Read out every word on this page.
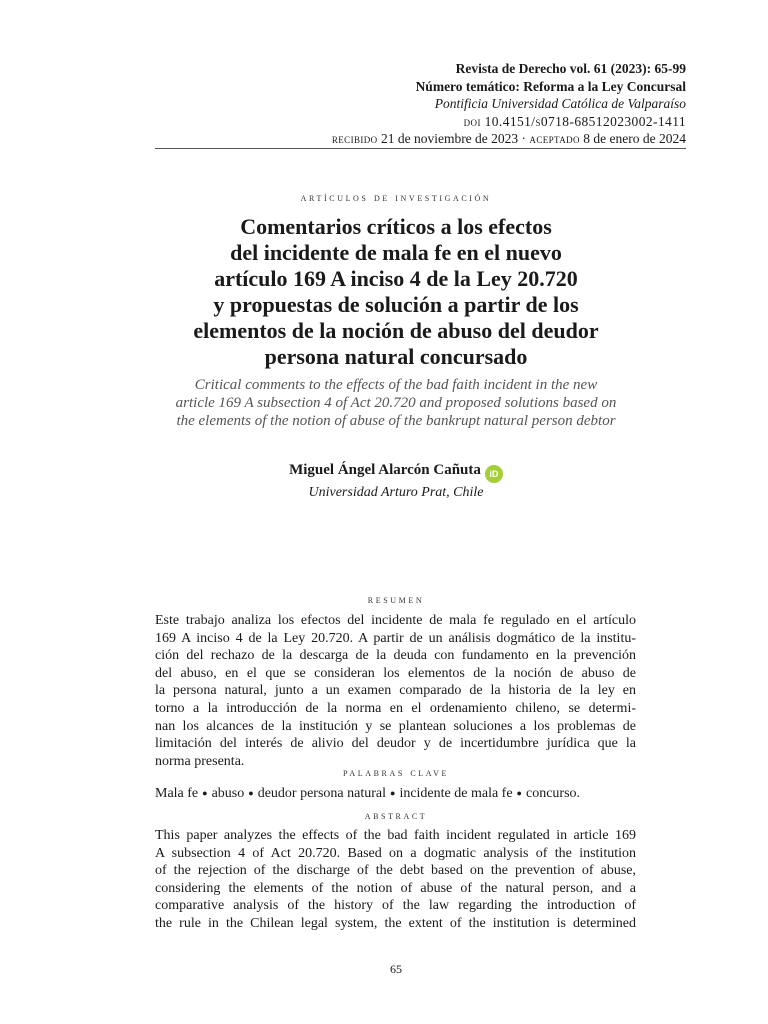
Revista de Derecho vol. 61 (2023): 65-99
Número temático: Reforma a la Ley Concursal
Pontificia Universidad Católica de Valparaíso
doi 10.4151/s0718-68512023002-1411
recibido 21 de noviembre de 2023 · aceptado 8 de enero de 2024
artículos de investigación
Comentarios críticos a los efectos
del incidente de mala fe en el nuevo
artículo 169 A inciso 4 de la Ley 20.720
y propuestas de solución a partir de los
elementos de la noción de abuso del deudor
persona natural concursado
Critical comments to the effects of the bad faith incident in the new
article 169 A subsection 4 of Act 20.720 and proposed solutions based on
the elements of the notion of abuse of the bankrupt natural person debtor
Miguel Ángel Alarcón Cañuta iD
Universidad Arturo Prat, Chile
resumen
Este trabajo analiza los efectos del incidente de mala fe regulado en el artículo
169 A inciso 4 de la Ley 20.720. A partir de un análisis dogmático de la institu-
ción del rechazo de la descarga de la deuda con fundamento en la prevención
del abuso, en el que se consideran los elementos de la noción de abuso de
la persona natural, junto a un examen comparado de la historia de la ley en
torno a la introducción de la norma en el ordenamiento chileno, se determi-
nan los alcances de la institución y se plantean soluciones a los problemas de
limitación del interés de alivio del deudor y de incertidumbre jurídica que la
norma presenta.
palabras clave
Mala fe ● abuso ● deudor persona natural ● incidente de mala fe ● concurso.
abstract
This paper analyzes the effects of the bad faith incident regulated in article 169
A subsection 4 of Act 20.720. Based on a dogmatic analysis of the institution
of the rejection of the discharge of the debt based on the prevention of abuse,
considering the elements of the notion of abuse of the natural person, and a
comparative analysis of the history of the law regarding the introduction of
the rule in the Chilean legal system, the extent of the institution is determined
65
